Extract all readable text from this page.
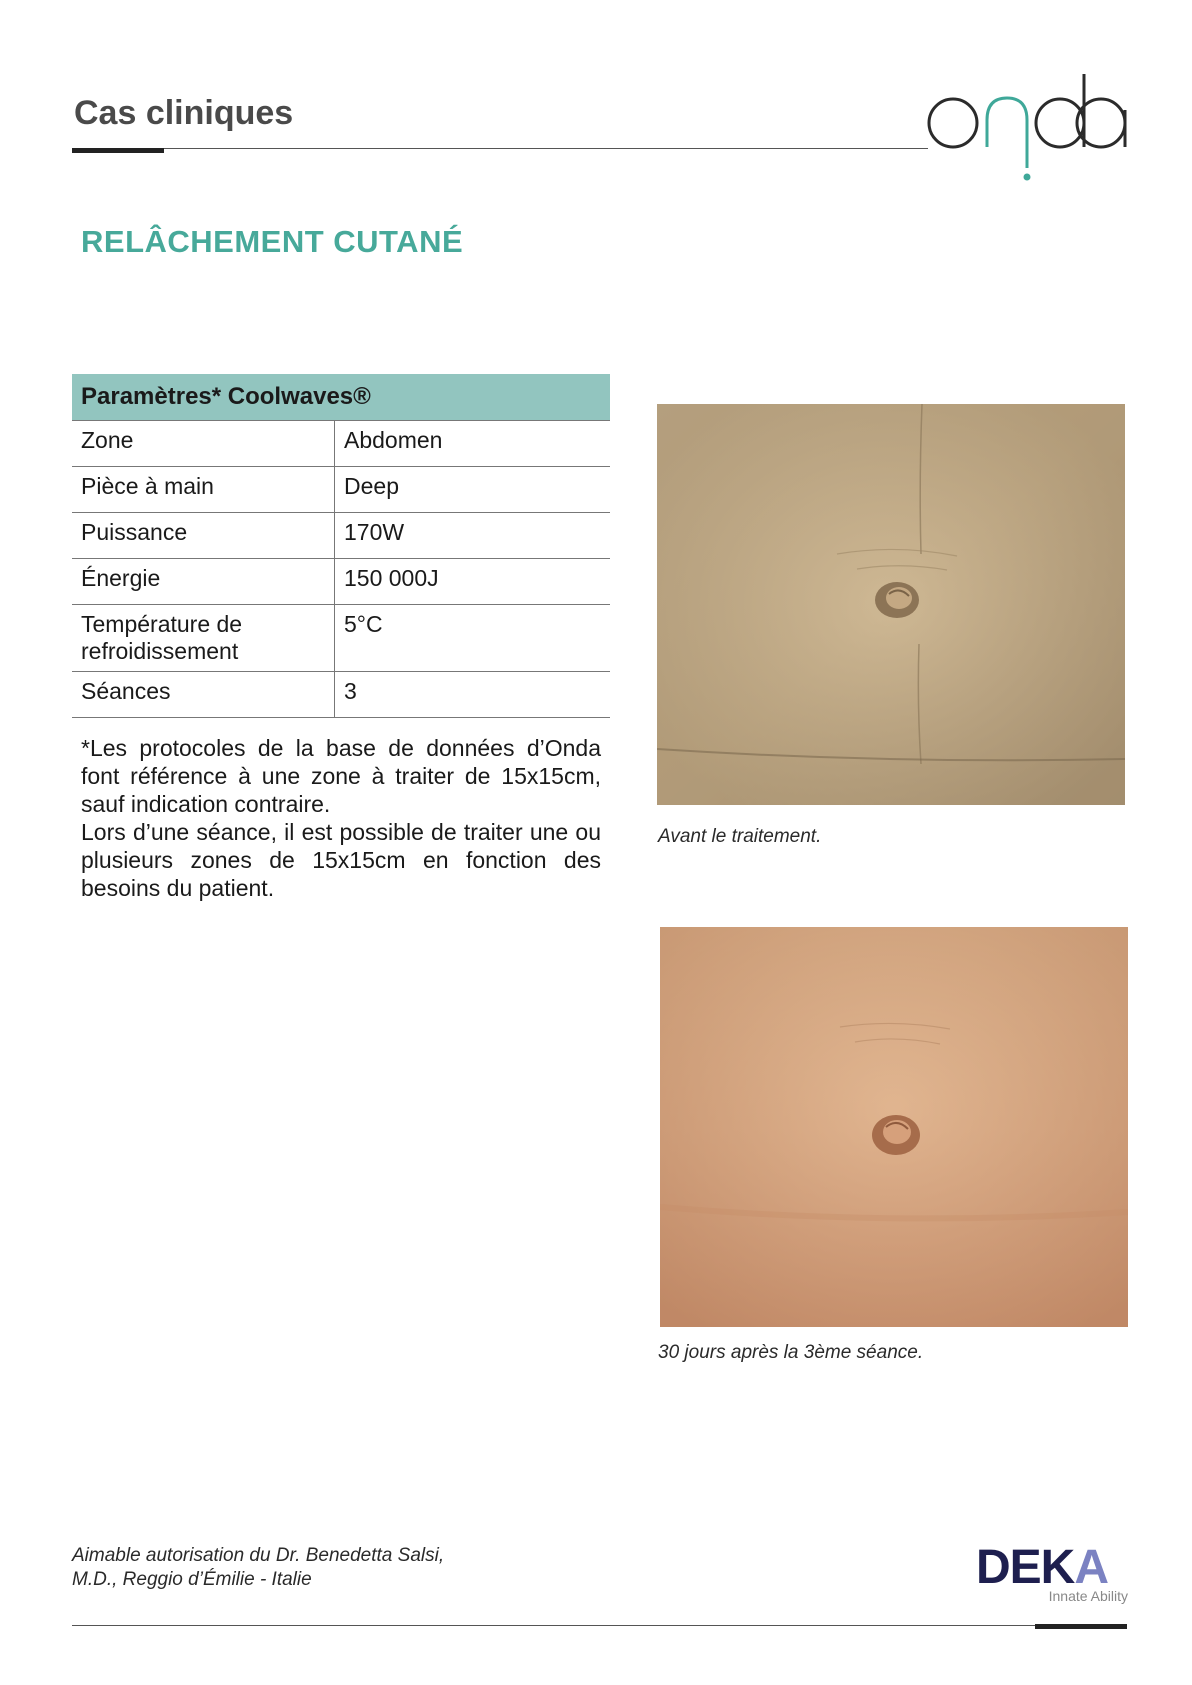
Cas cliniques
RELÂCHEMENT CUTANÉ
Paramètres* Coolwaves®	
Zone	Abdomen
Pièce à main	Deep
Puissance	170W
Énergie	150 000J
Température de refroidissement	5°C
Séances	3

*Les protocoles de la base de données d’Onda font référence à une zone à traiter de 15x15cm, sauf indication contraire.

Lors d’une séance, il est possible de traiter une ou plusieurs zones de 15x15cm en fonction des besoins du patient.

Avant le traitement.
30 jours après la 3ème séance.
Aimable autorisation du Dr. Benedetta Salsi,
M.D., Reggio d’Émilie - Italie	DEKA
Innate Ability
